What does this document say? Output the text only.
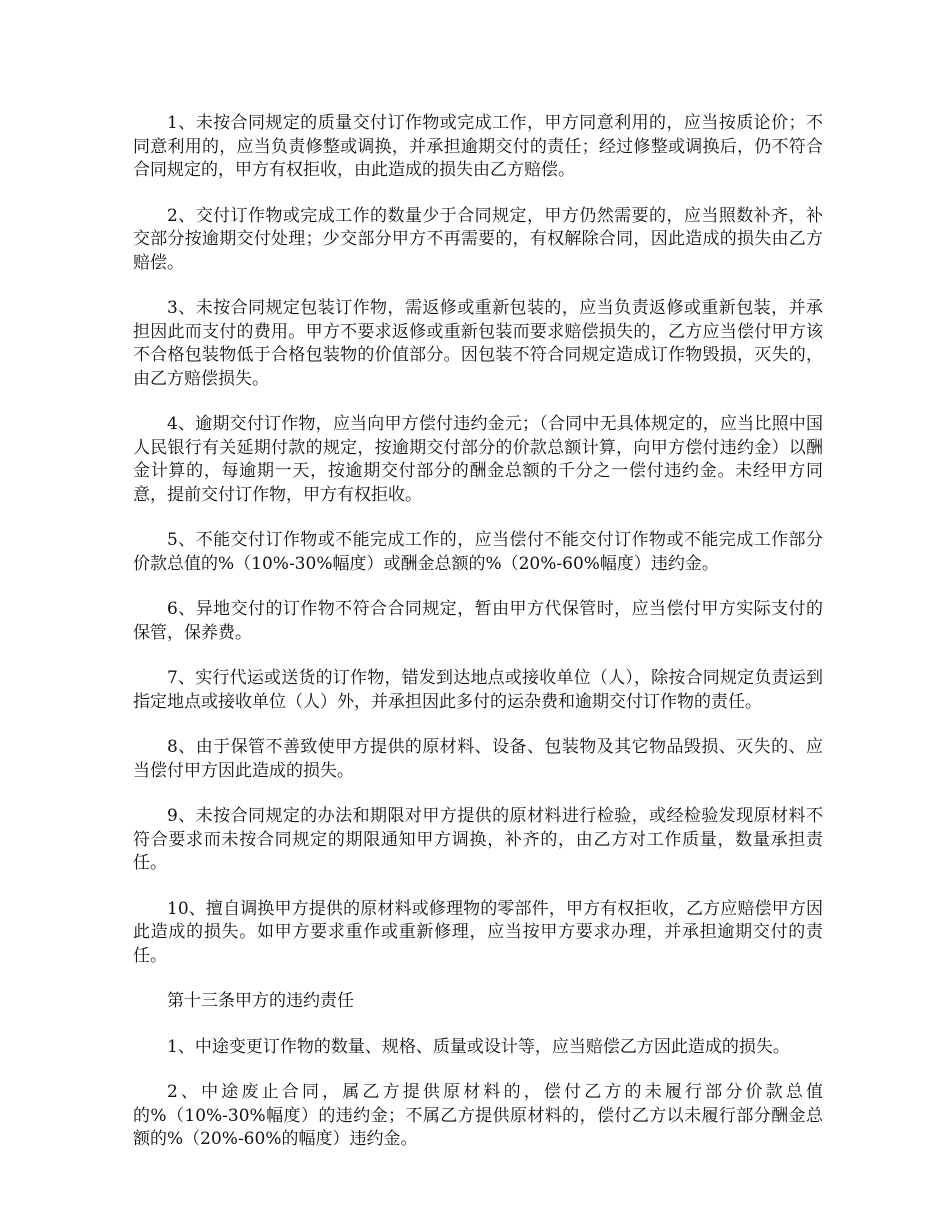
1、未按合同规定的质量交付订作物或完成工作，甲方同意利用的，应当按质论价；不同意利用的，应当负责修整或调换，并承担逾期交付的责任；经过修整或调换后，仍不符合合同规定的，甲方有权拒收，由此造成的损失由乙方赔偿。

2、交付订作物或完成工作的数量少于合同规定，甲方仍然需要的，应当照数补齐，补交部分按逾期交付处理；少交部分甲方不再需要的，有权解除合同，因此造成的损失由乙方赔偿。

3、未按合同规定包装订作物，需返修或重新包装的，应当负责返修或重新包装，并承担因此而支付的费用。甲方不要求返修或重新包装而要求赔偿损失的，乙方应当偿付甲方该不合格包装物低于合格包装物的价值部分。因包装不符合同规定造成订作物毁损，灭失的，由乙方赔偿损失。

4、逾期交付订作物，应当向甲方偿付违约金元；（合同中无具体规定的，应当比照中国人民银行有关延期付款的规定，按逾期交付部分的价款总额计算，向甲方偿付违约金）以酬金计算的，每逾期一天，按逾期交付部分的酬金总额的千分之一偿付违约金。未经甲方同意，提前交付订作物，甲方有权拒收。

5、不能交付订作物或不能完成工作的，应当偿付不能交付订作物或不能完成工作部分价款总值的%（10%-30%幅度）或酬金总额的%（20%-60%幅度）违约金。

6、异地交付的订作物不符合合同规定，暂由甲方代保管时，应当偿付甲方实际支付的保管，保养费。

7、实行代运或送货的订作物，错发到达地点或接收单位（人），除按合同规定负责运到指定地点或接收单位（人）外，并承担因此多付的运杂费和逾期交付订作物的责任。

8、由于保管不善致使甲方提供的原材料、设备、包装物及其它物品毁损、灭失的、应当偿付甲方因此造成的损失。

9、未按合同规定的办法和期限对甲方提供的原材料进行检验，或经检验发现原材料不符合要求而未按合同规定的期限通知甲方调换，补齐的，由乙方对工作质量，数量承担责任。

10、擅自调换甲方提供的原材料或修理物的零部件，甲方有权拒收，乙方应赔偿甲方因此造成的损失。如甲方要求重作或重新修理，应当按甲方要求办理，并承担逾期交付的责任。

第十三条甲方的违约责任

1、中途变更订作物的数量、规格、质量或设计等，应当赔偿乙方因此造成的损失。

2、中途废止合同，属乙方提供原材料的，偿付乙方的未履行部分价款总值的%（10%-30%幅度）的违约金；不属乙方提供原材料的，偿付乙方以未履行部分酬金总额的%（20%-60%的幅度）违约金。
